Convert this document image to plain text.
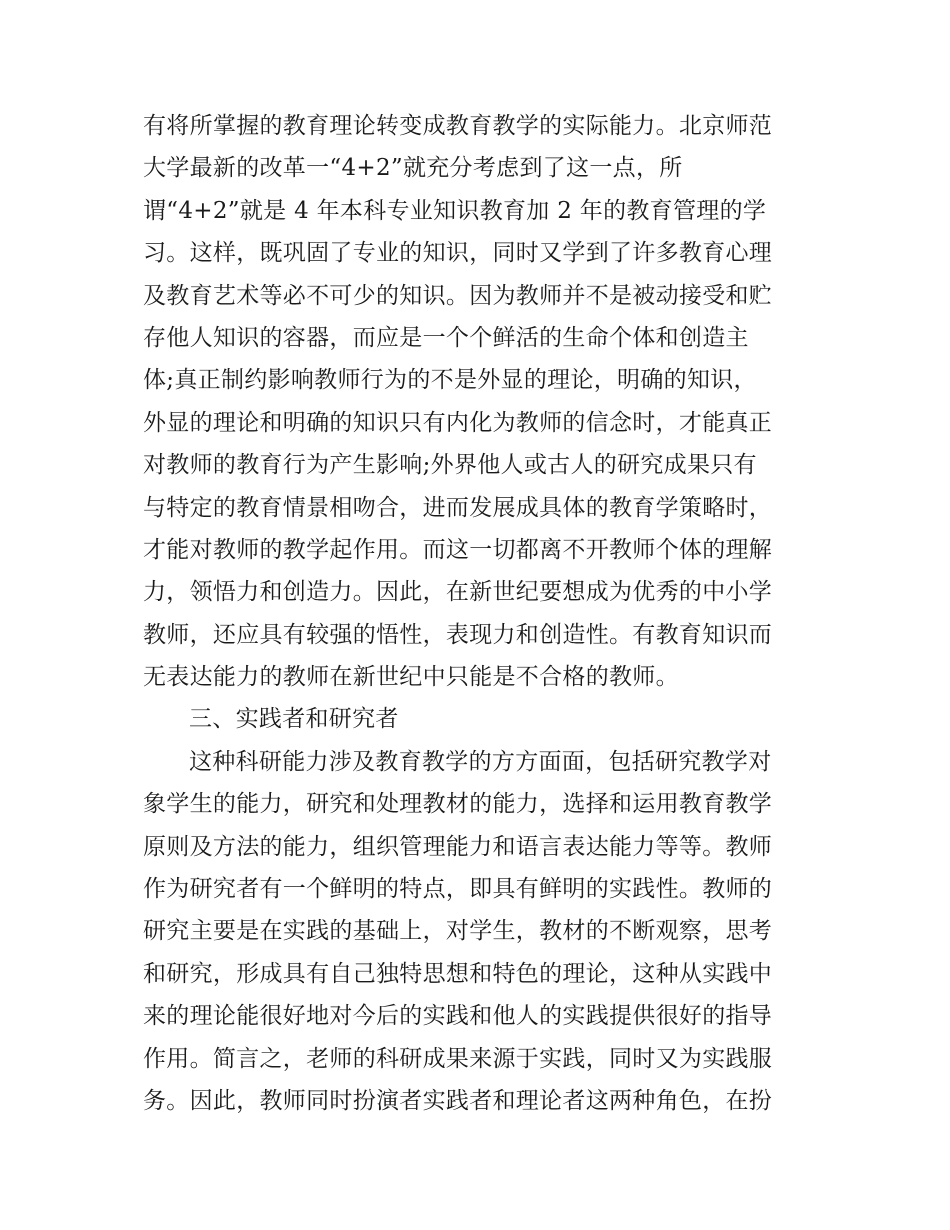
有将所掌握的教育理论转变成教育教学的实际能力。北京师范
大学最新的改革一“4+2”就充分考虑到了这一点，所
谓“4+2”就是 4 年本科专业知识教育加 2 年的教育管理的学
习。这样，既巩固了专业的知识，同时又学到了许多教育心理
及教育艺术等必不可少的知识。因为教师并不是被动接受和贮
存他人知识的容器，而应是一个个鲜活的生命个体和创造主
体;真正制约影响教师行为的不是外显的理论，明确的知识，
外显的理论和明确的知识只有内化为教师的信念时，才能真正
对教师的教育行为产生影响;外界他人或古人的研究成果只有
与特定的教育情景相吻合，进而发展成具体的教育学策略时，
才能对教师的教学起作用。而这一切都离不开教师个体的理解
力，领悟力和创造力。因此，在新世纪要想成为优秀的中小学
教师，还应具有较强的悟性，表现力和创造性。有教育知识而
无表达能力的教师在新世纪中只能是不合格的教师。
三、实践者和研究者
这种科研能力涉及教育教学的方方面面，包括研究教学对
象学生的能力，研究和处理教材的能力，选择和运用教育教学
原则及方法的能力，组织管理能力和语言表达能力等等。教师
作为研究者有一个鲜明的特点，即具有鲜明的实践性。教师的
研究主要是在实践的基础上，对学生，教材的不断观察，思考
和研究，形成具有自己独特思想和特色的理论，这种从实践中
来的理论能很好地对今后的实践和他人的实践提供很好的指导
作用。简言之，老师的科研成果来源于实践，同时又为实践服
务。因此，教师同时扮演者实践者和理论者这两种角色，在扮
